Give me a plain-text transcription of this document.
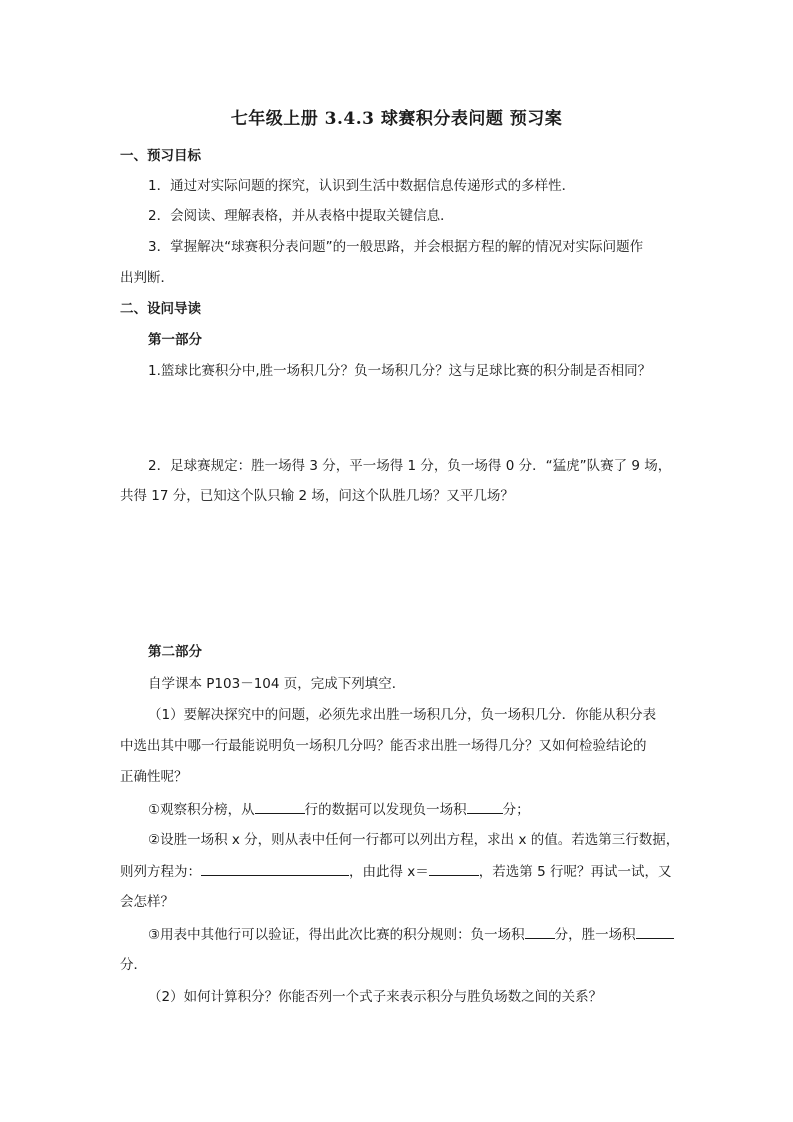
七年级上册 3.4.3 球赛积分表问题 预习案
一、预习目标
1．通过对实际问题的探究，认识到生活中数据信息传递形式的多样性．
2．会阅读、理解表格，并从表格中提取关键信息．
3．掌握解决“球赛积分表问题”的一般思路，并会根据方程的解的情况对实际问题作
出判断．
二、设问导读
第一部分
1.篮球比赛积分中,胜一场积几分？负一场积几分？这与足球比赛的积分制是否相同？
2．足球赛规定：胜一场得 3 分，平一场得 1 分，负一场得 0 分．“猛虎”队赛了 9 场，
共得 17 分，已知这个队只输 2 场，问这个队胜几场？又平几场？
第二部分
自学课本 P103－104 页，完成下列填空．
（1）要解决探究中的问题，必须先求出胜一场积几分，负一场积几分．你能从积分表
中选出其中哪一行最能说明负一场积几分吗？能否求出胜一场得几分？又如何检验结论的
正确性呢？
①观察积分榜，从	行的数据可以发现负一场积	分；
②设胜一场积 x 分，则从表中任何一行都可以列出方程，求出 x 的值。若选第三行数据，
则列方程为：	，由此得 x＝	，若选第 5 行呢？再试一试，又
会怎样？
③用表中其他行可以验证，得出此次比赛的积分规则：负一场积 分，胜一场积
分．
（2）如何计算积分？你能否列一个式子来表示积分与胜负场数之间的关系？
